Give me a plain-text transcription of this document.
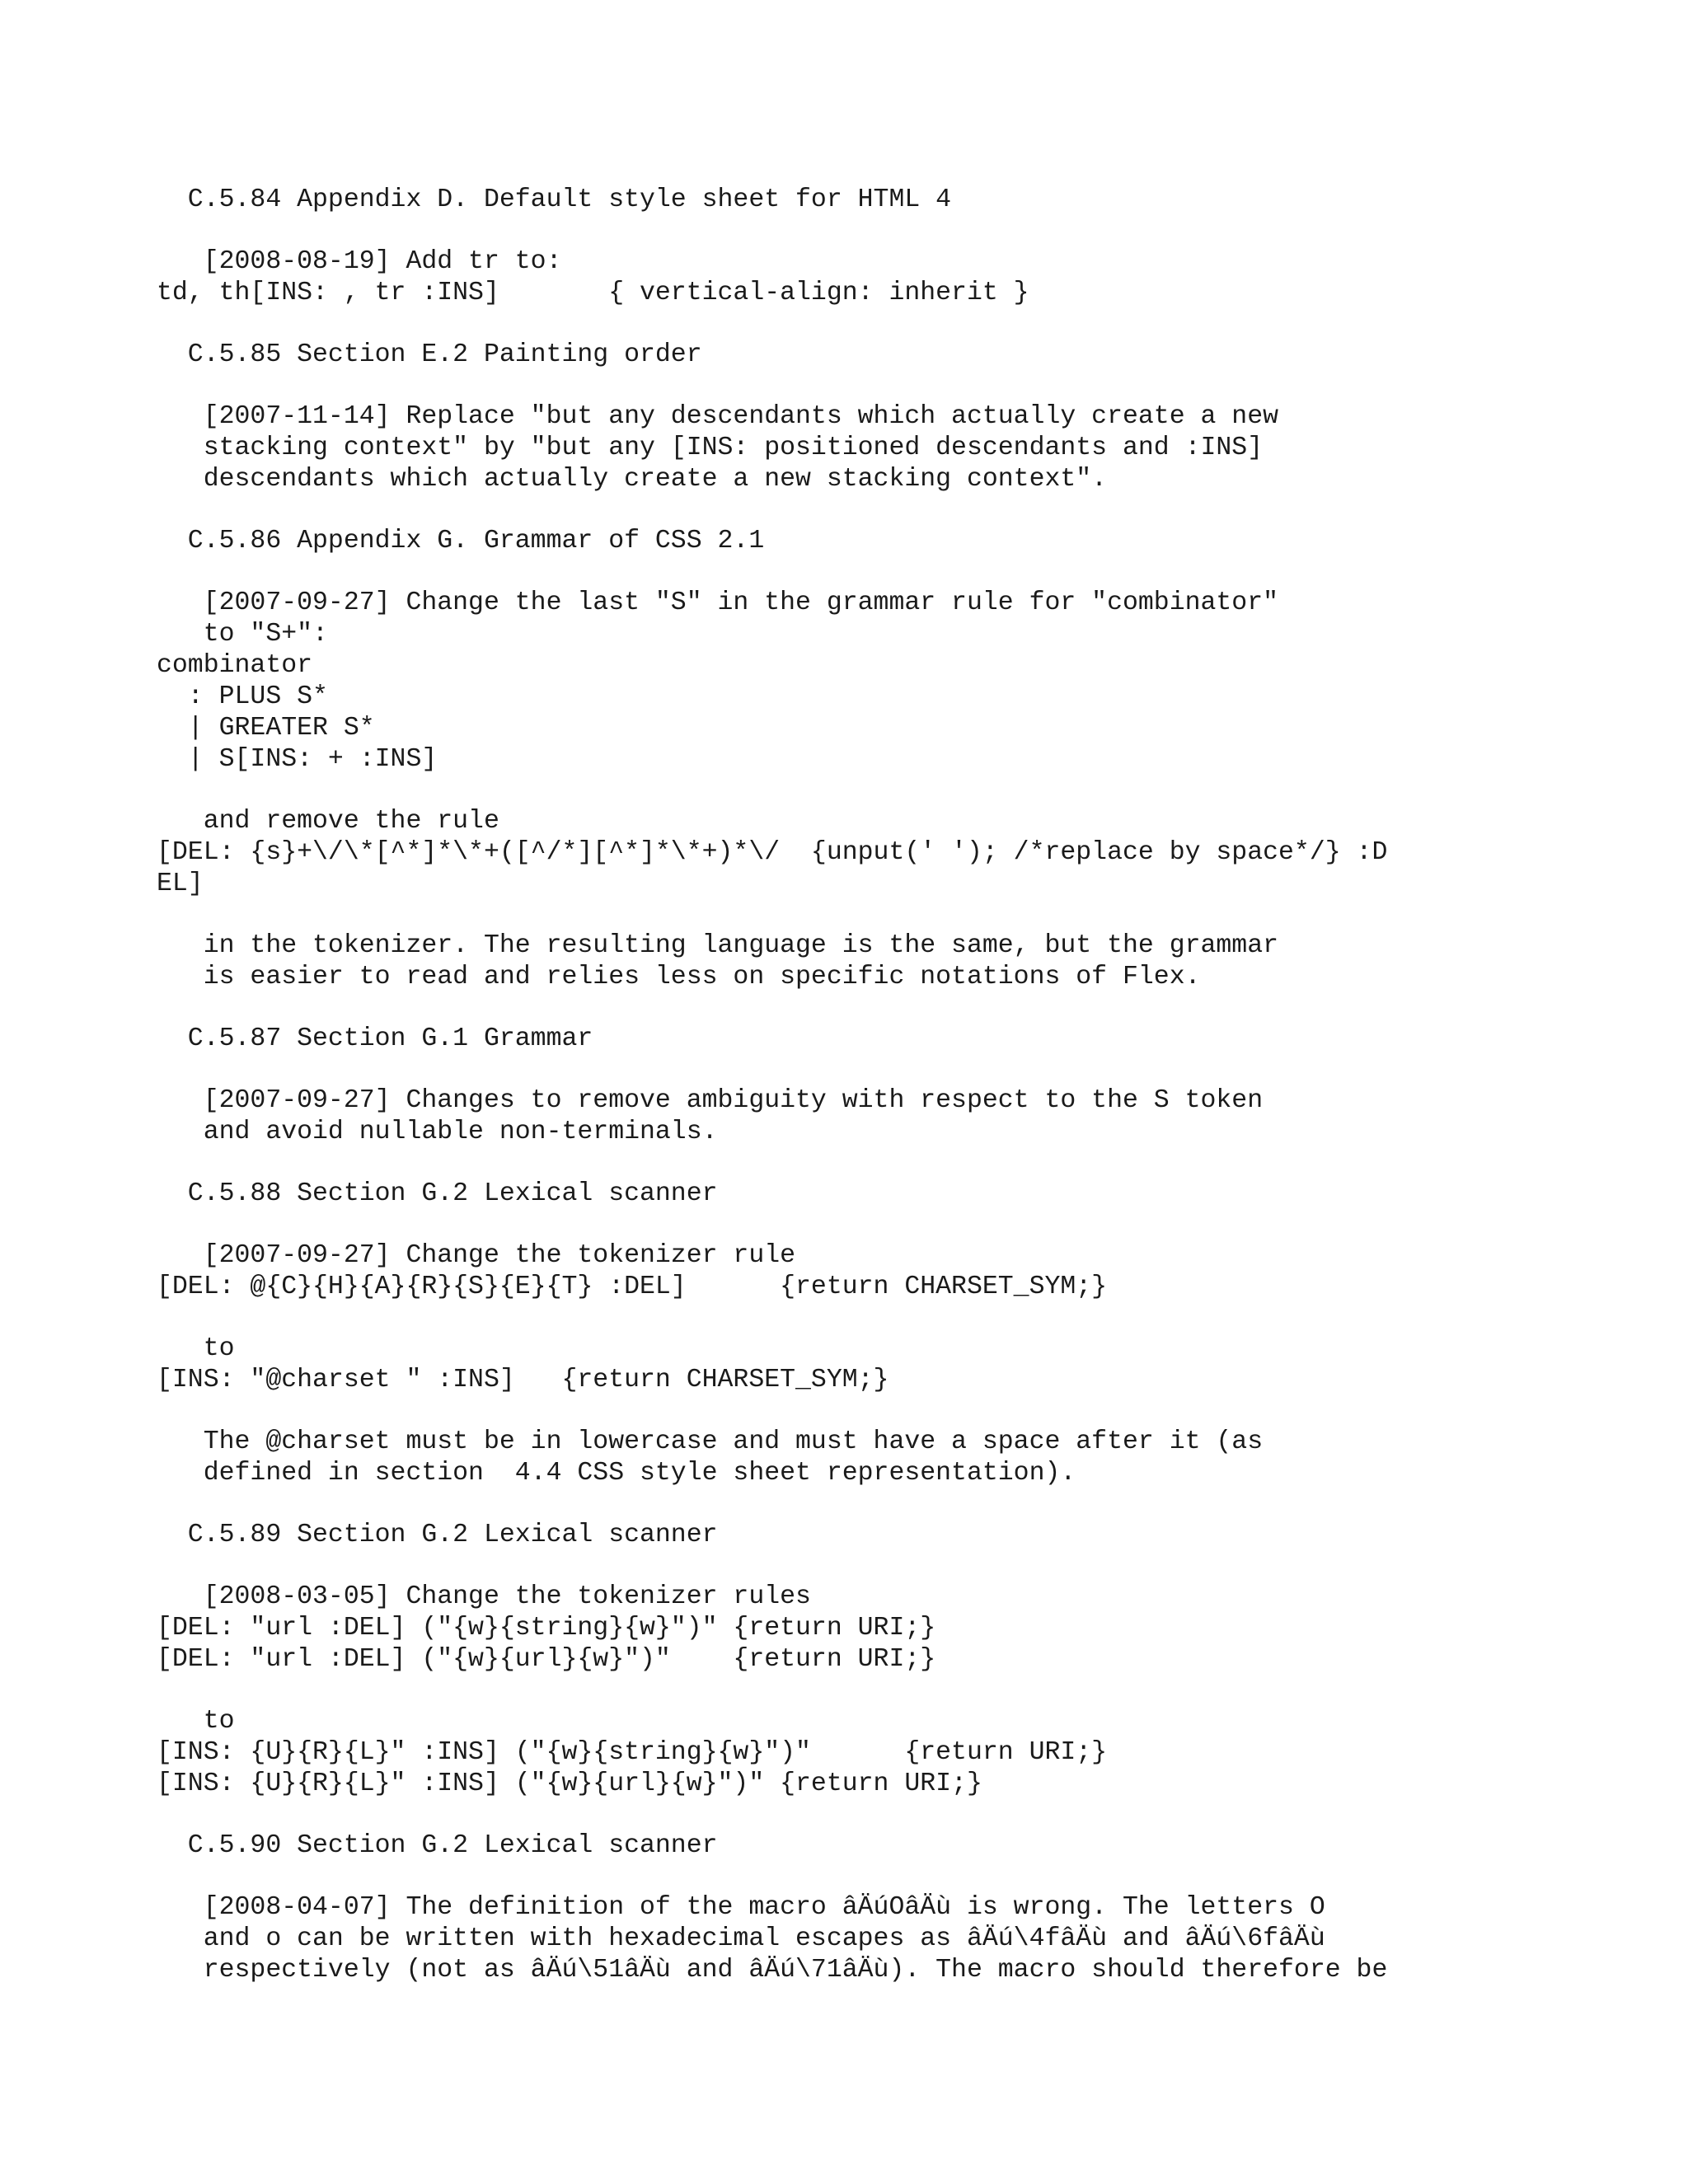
C.5.84 Appendix D. Default style sheet for HTML 4

[2008-08-19] Add tr to:

td, th[INS: , tr :INS]       { vertical-align: inherit }

C.5.85 Section E.2 Painting order

[2007-11-14] Replace "but any descendants which actually create a new

stacking context" by "but any [INS: positioned descendants and :INS]

descendants which actually create a new stacking context".

C.5.86 Appendix G. Grammar of CSS 2.1

[2007-09-27] Change the last "S" in the grammar rule for "combinator"

to "S+":

combinator

: PLUS S*

| GREATER S*

| S[INS: + :INS]

and remove the rule

[DEL: {s}+\/\*[^*]*\*+([^/*][^*]*\*+)*\/  {unput(' '); /*replace by space*/} :D

EL]

in the tokenizer. The resulting language is the same, but the grammar

is easier to read and relies less on specific notations of Flex.

C.5.87 Section G.1 Grammar

[2007-09-27] Changes to remove ambiguity with respect to the S token

and avoid nullable non-terminals.

C.5.88 Section G.2 Lexical scanner

[2007-09-27] Change the tokenizer rule

[DEL: @{C}{H}{A}{R}{S}{E}{T} :DEL]      {return CHARSET_SYM;}

to

[INS: "@charset " :INS]   {return CHARSET_SYM;}

The @charset must be in lowercase and must have a space after it (as

defined in section  4.4 CSS style sheet representation).

C.5.89 Section G.2 Lexical scanner

[2008-03-05] Change the tokenizer rules

[DEL: "url :DEL] ("{w}{string}{w}")" {return URI;}

[DEL: "url :DEL] ("{w}{url}{w}")"    {return URI;}

to

[INS: {U}{R}{L}" :INS] ("{w}{string}{w}")"      {return URI;}

[INS: {U}{R}{L}" :INS] ("{w}{url}{w}")" {return URI;}

C.5.90 Section G.2 Lexical scanner

[2008-04-07] The definition of the macro âÄúOâÄù is wrong. The letters O

and o can be written with hexadecimal escapes as âÄú\4fâÄù and âÄú\6fâÄù

respectively (not as âÄú\51âÄù and âÄú\71âÄù). The macro should therefore be
